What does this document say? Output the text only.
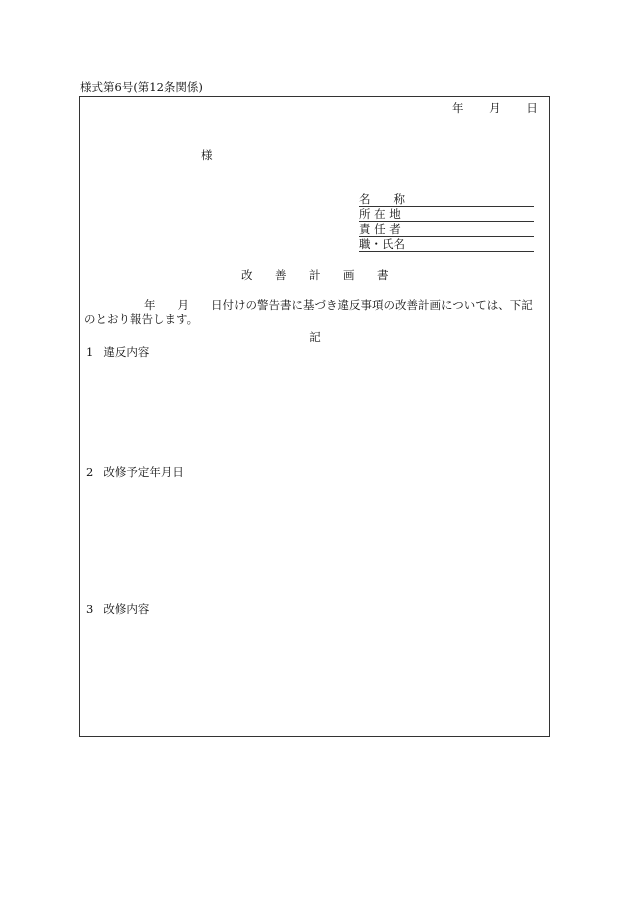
様式第6号(第12条関係)
年 月 日
様
名　　称
所 在 地
責 任 者
職・氏名
改 善 計 画 書
年 月 日付けの警告書に基づき違反事項の改善計画については、下記
のとおり報告します。
記
1 違反内容
2 改修予定年月日
3 改修内容
